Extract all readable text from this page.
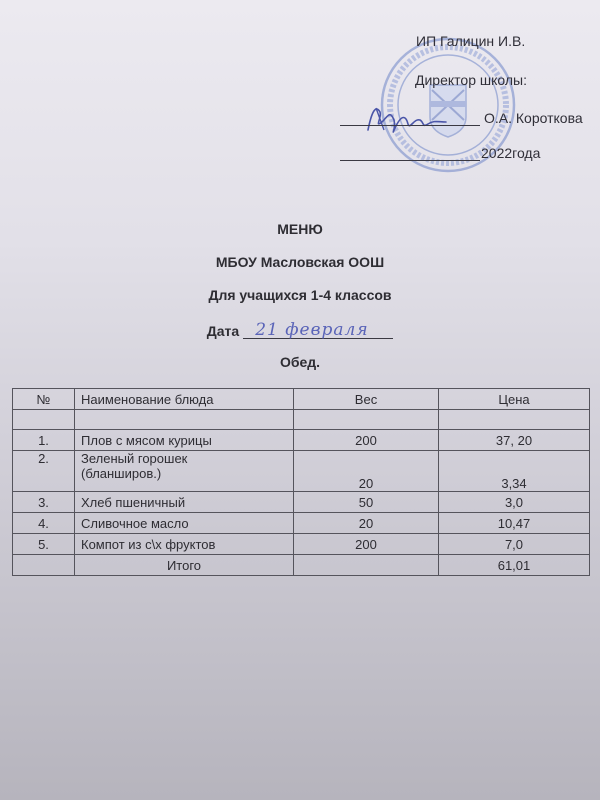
ИП Галицин И.В.
Директор школы:
О.А. Короткова
2022года
МЕНЮ
МБОУ Масловская ООШ
Для учащихся 1-4 классов
Дата 21 февраля
Обед.
№	Наименование блюда	Вес	Цена

1.	Плов с мясом курицы	200	37, 20
2.	Зеленый горошек
(бланширов.)	20	3,34
3.	Хлеб пшеничный	50	3,0
4.	Сливочное масло	20	10,47
5.	Компот из с\х фруктов	200	7,0
	Итого		61,01
